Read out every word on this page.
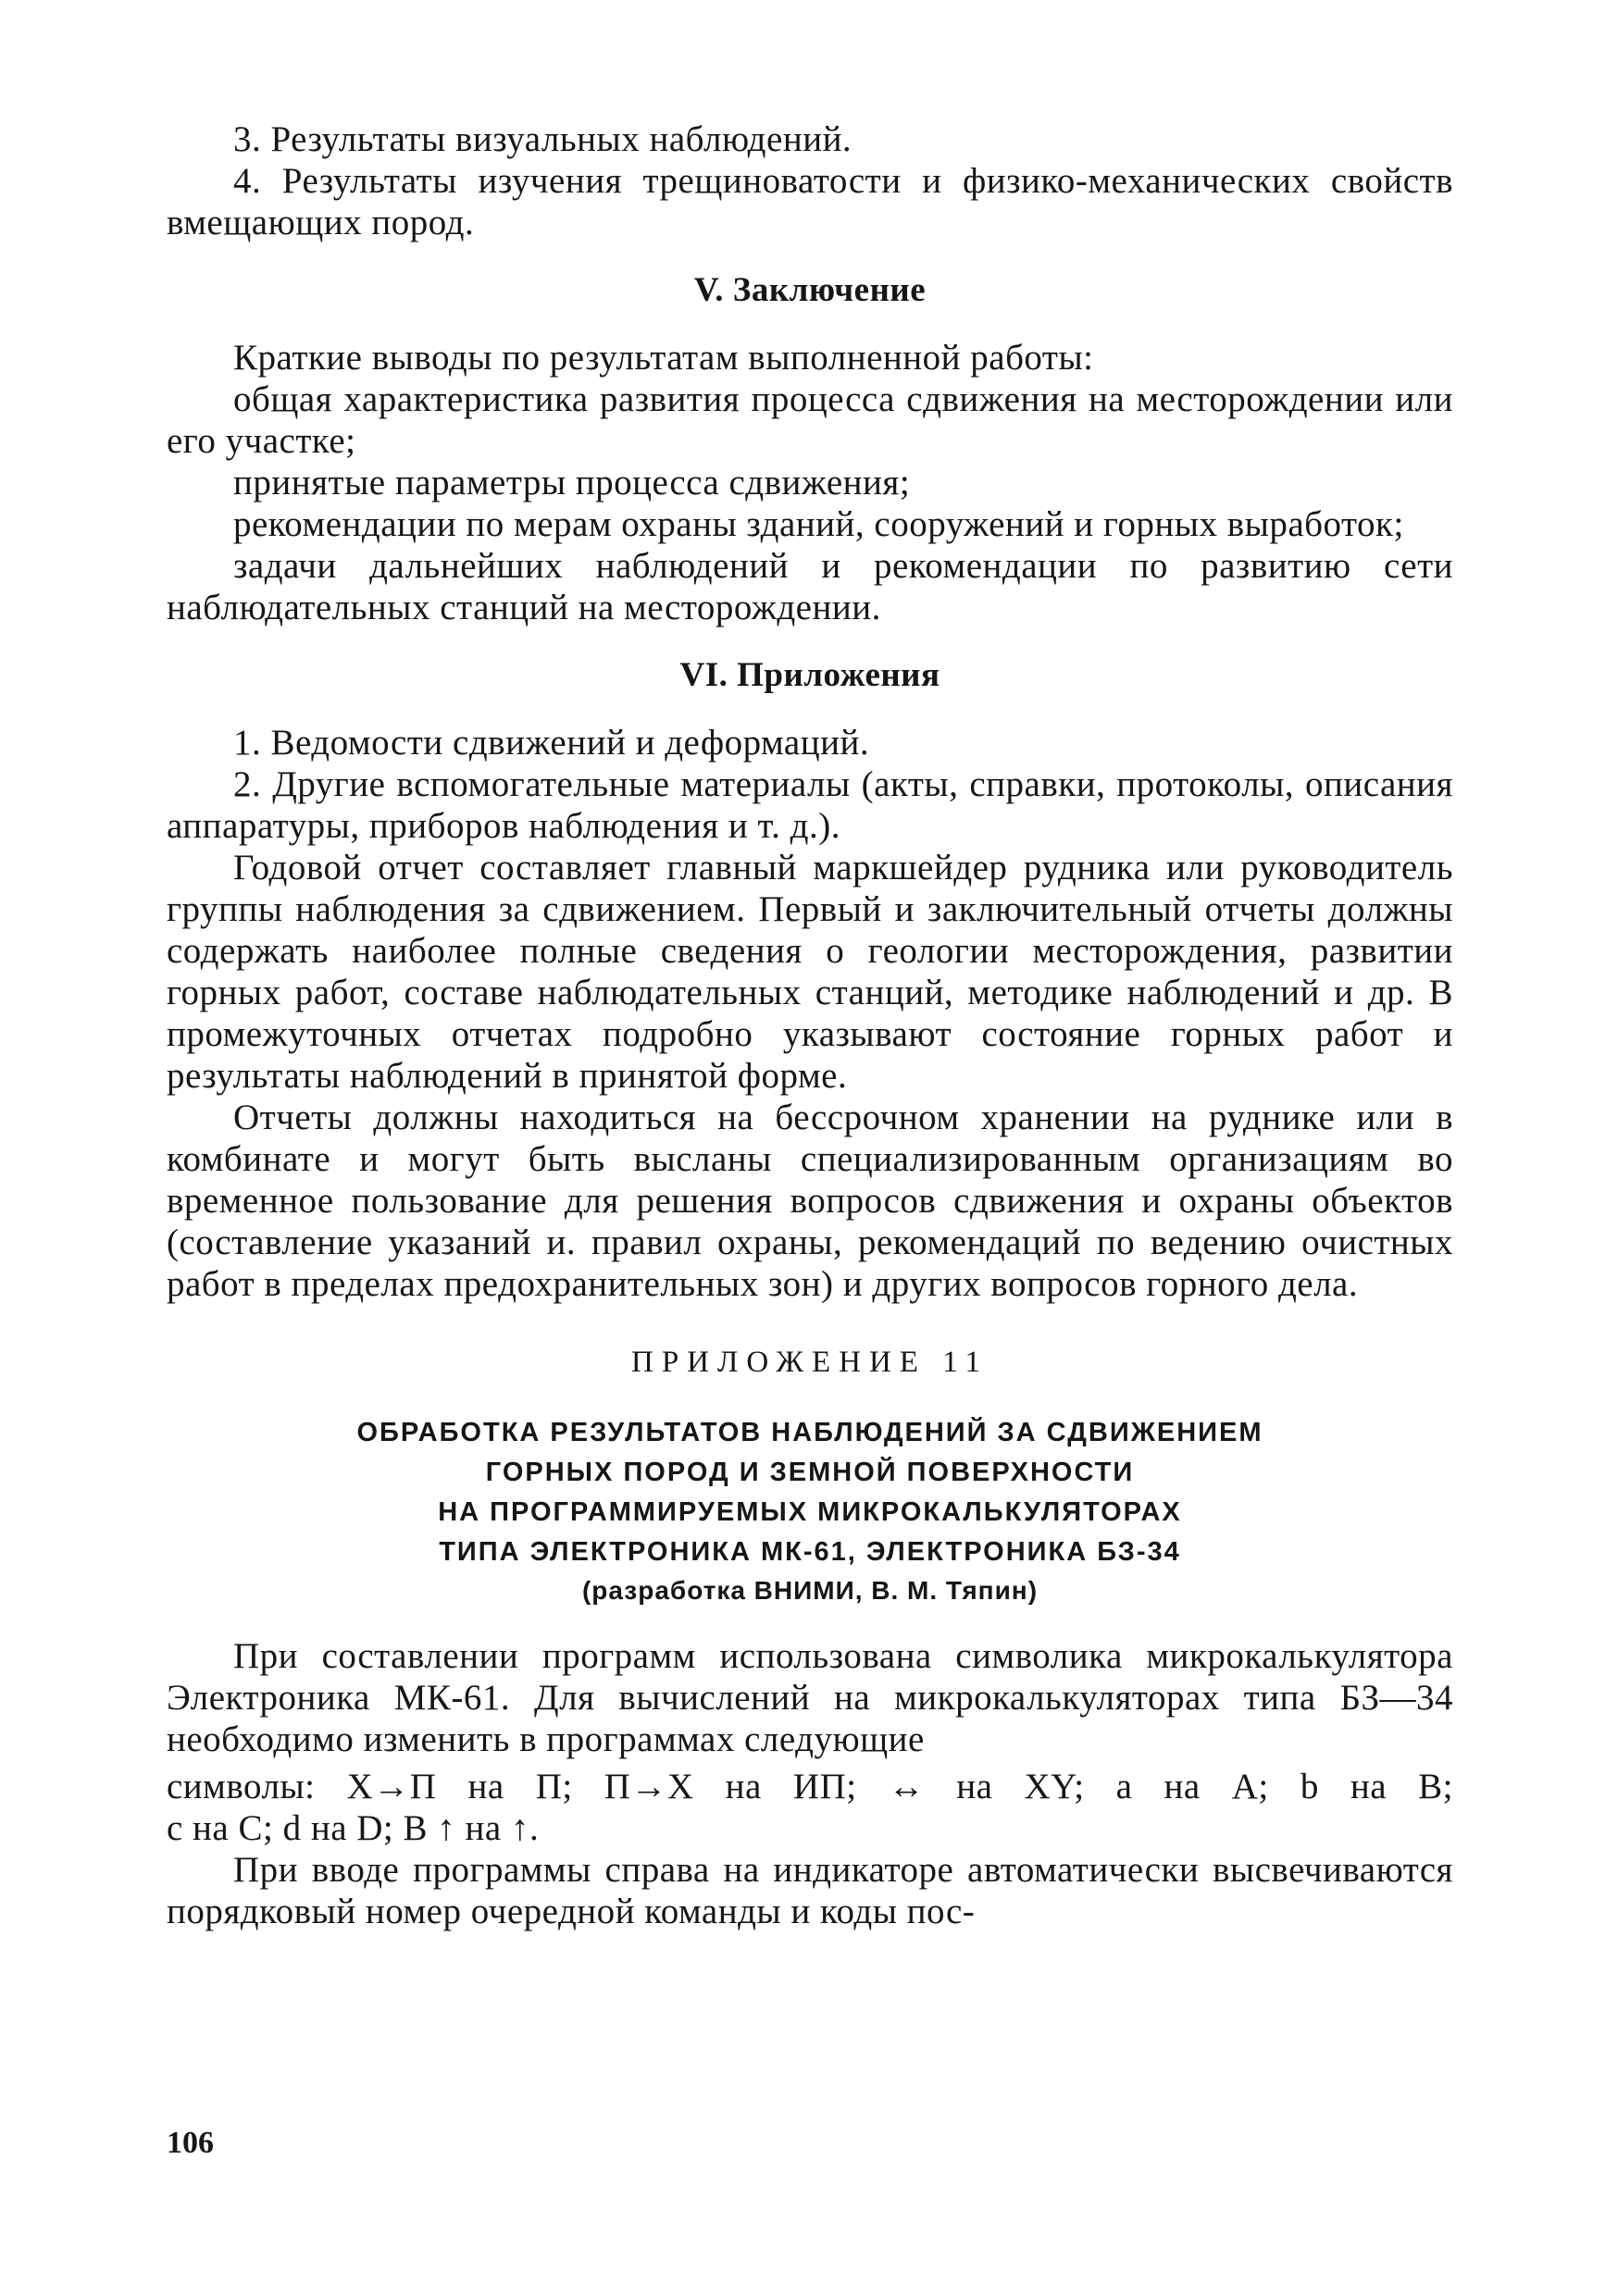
3. Результаты визуальных наблюдений.

4. Результаты изучения трещиноватости и физико-механических свойств вмещающих пород.

V. Заключение

Краткие выводы по результатам выполненной работы:

общая характеристика развития процесса сдвижения на месторождении или его участке;

принятые параметры процесса сдвижения;

рекомендации по мерам охраны зданий, сооружений и горных выработок;

задачи дальнейших наблюдений и рекомендации по развитию сети наблюдательных станций на месторождении.

VI. Приложения

1. Ведомости сдвижений и деформаций.

2. Другие вспомогательные материалы (акты, справки, протоколы, описания аппаратуры, приборов наблюдения и т. д.).

Годовой отчет составляет главный маркшейдер рудника или руководитель группы наблюдения за сдвижением. Первый и заключительный отчеты должны содержать наиболее полные сведения о геологии месторождения, развитии горных работ, составе наблюдательных станций, методике наблюдений и др. В промежуточных отчетах подробно указывают состояние горных работ и результаты наблюдений в принятой форме.

Отчеты должны находиться на бессрочном хранении на руднике или в комбинате и могут быть высланы специализированным организациям во временное пользование для решения вопросов сдвижения и охраны объектов (составление указаний и. правил охраны, рекомендаций по ведению очистных работ в пределах предохранительных зон) и других вопросов горного дела.

ПРИЛОЖЕНИЕ 11

ОБРАБОТКА РЕЗУЛЬТАТОВ НАБЛЮДЕНИЙ ЗА СДВИЖЕНИЕМ

ГОРНЫХ ПОРОД И ЗЕМНОЙ ПОВЕРХНОСТИ

НА ПРОГРАММИРУЕМЫХ МИКРОКАЛЬКУЛЯТОРАХ

ТИПА ЭЛЕКТРОНИКА МК-61, ЭЛЕКТРОНИКА БЗ-34

(разработка ВНИМИ, В. М. Тяпин)

При составлении программ использована символика микрокалькулятора Электроника МК-61. Для вычислений на микрокалькуляторах типа БЗ—34 необходимо изменить в программах следующие

символы: X→П на П; П→X на ИП; ↔ на XY; a на A; b на B;

c на C; d на D; B ↑ на ↑.

При вводе программы справа на индикаторе автоматически высвечиваются порядковый номер очередной команды и коды пос-

106
